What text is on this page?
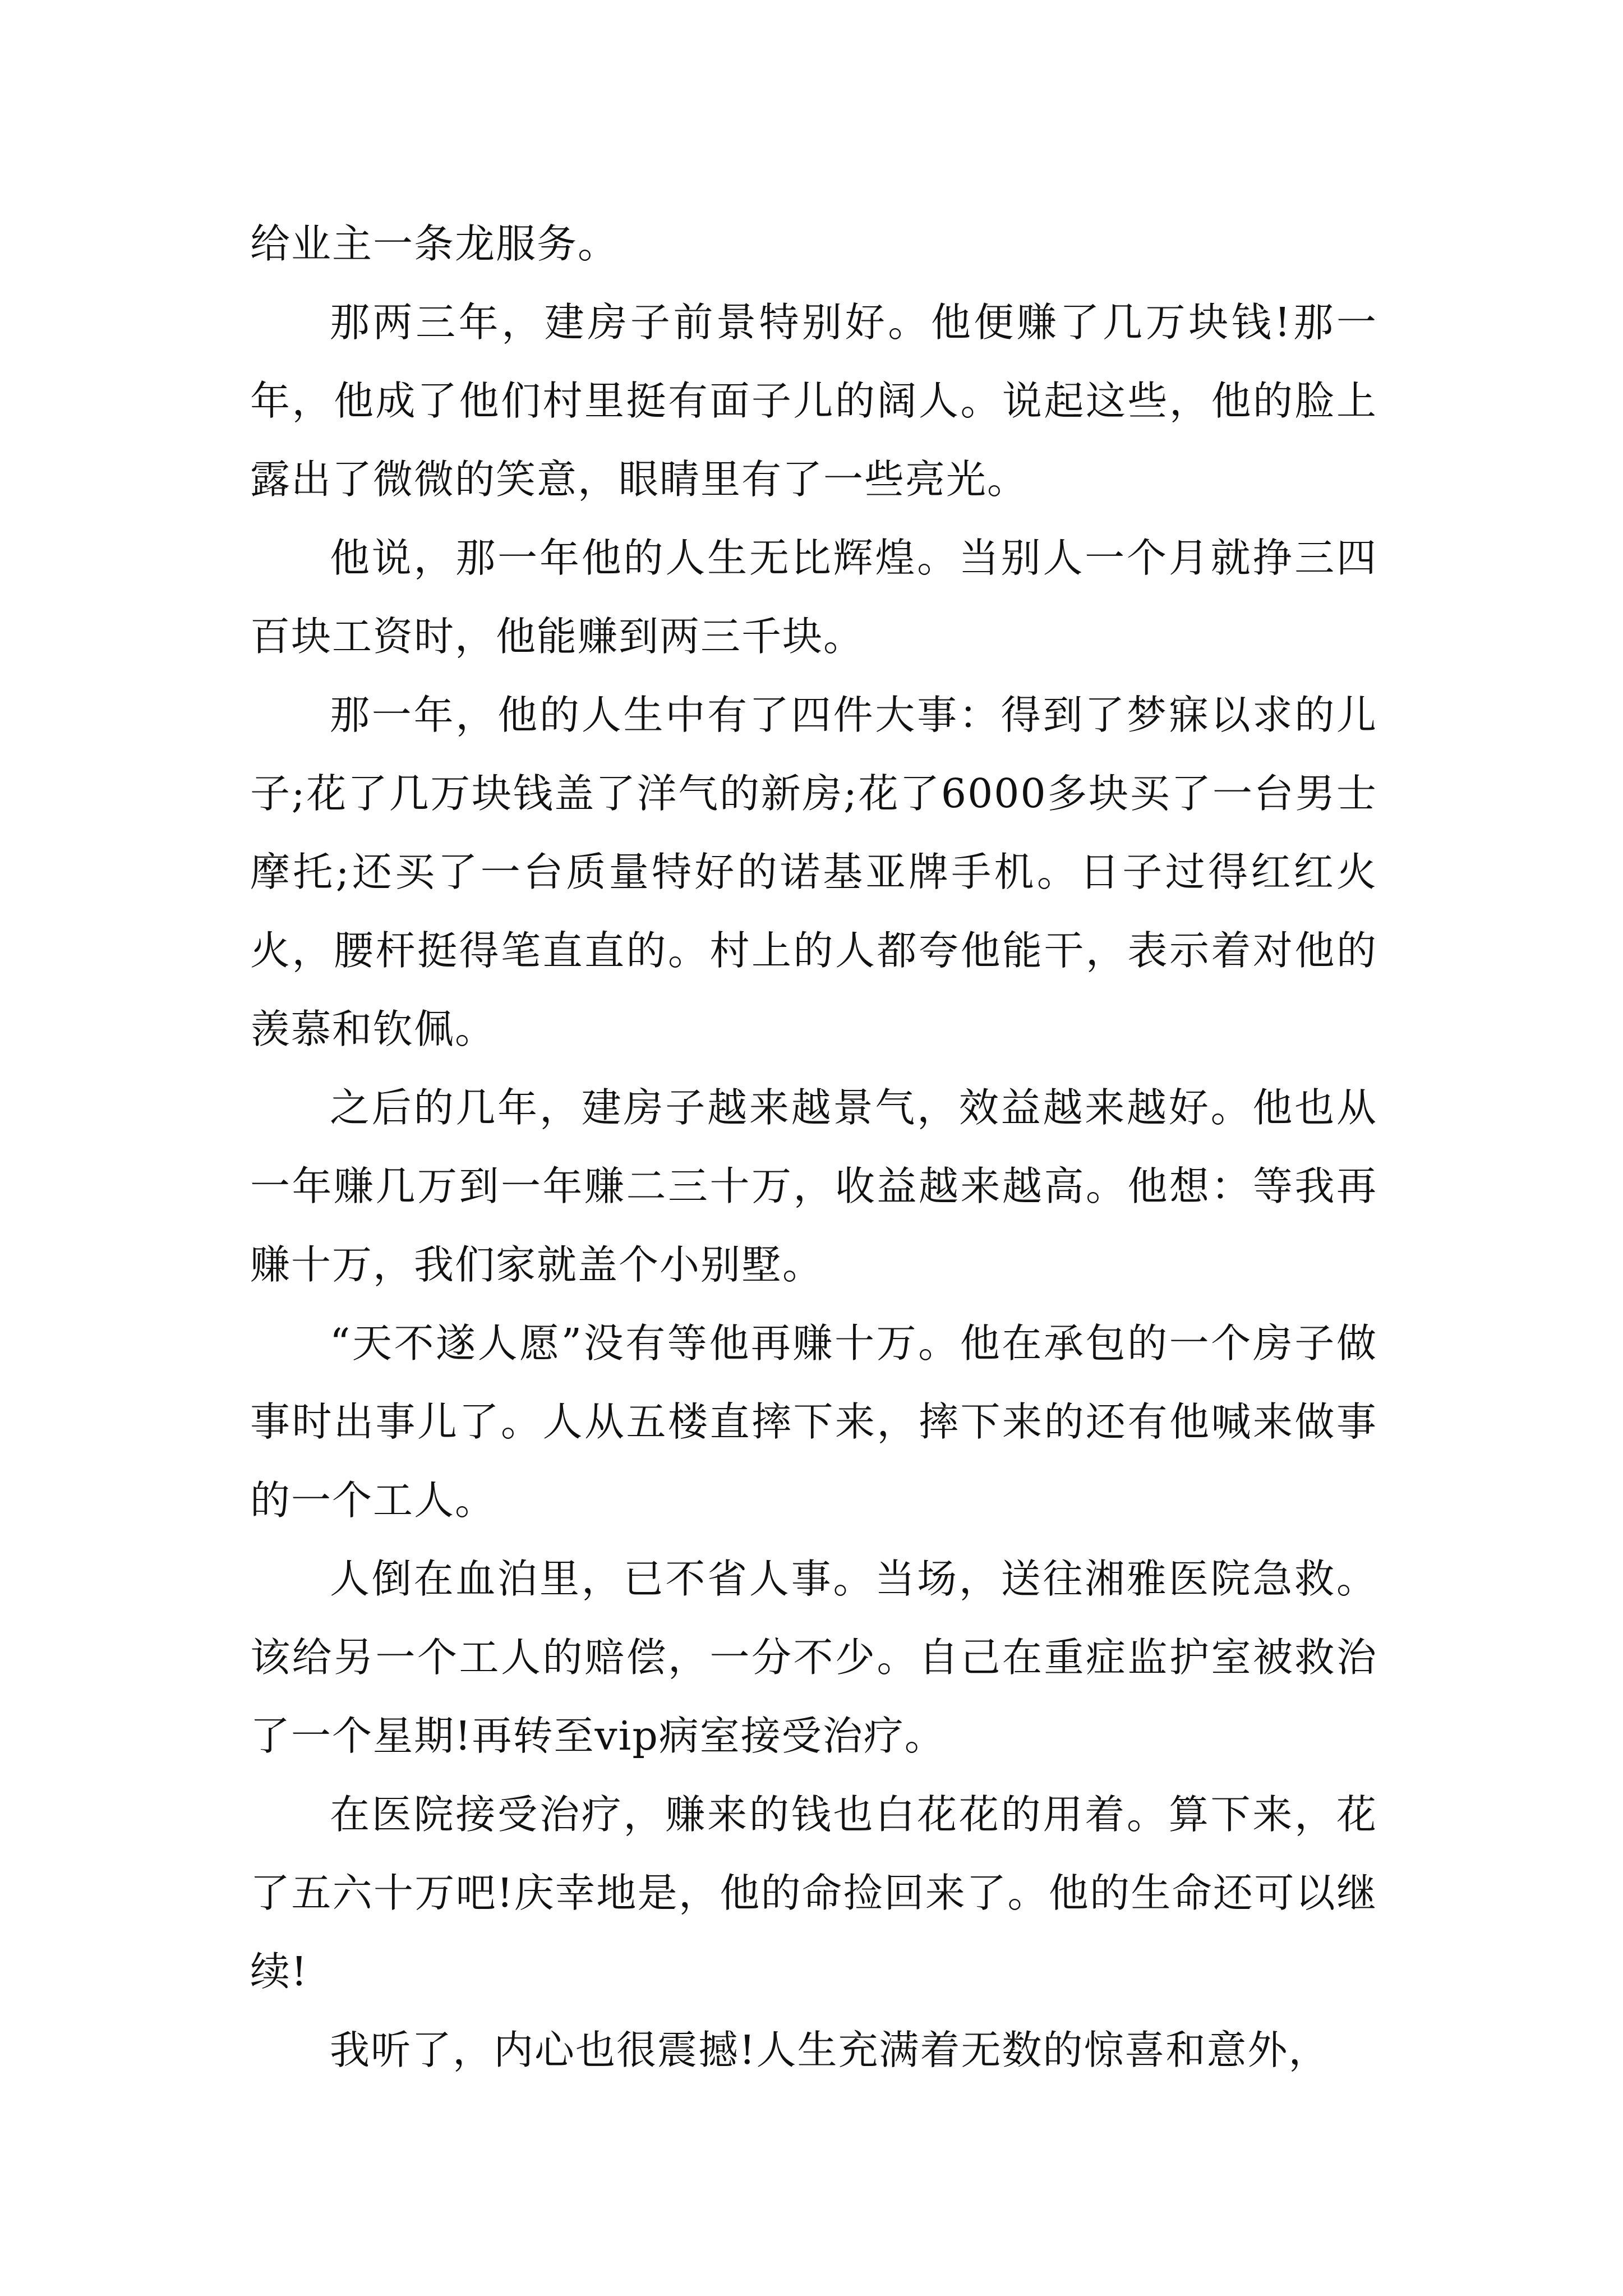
给业主一条龙服务。

那两三年，建房子前景特别好。他便赚了几万块钱!那一年，他成了他们村里挺有面子儿的阔人。说起这些，他的脸上露出了微微的笑意，眼睛里有了一些亮光。

他说，那一年他的人生无比辉煌。当别人一个月就挣三四百块工资时，他能赚到两三千块。

那一年，他的人生中有了四件大事：得到了梦寐以求的儿子;花了几万块钱盖了洋气的新房;花了6000多块买了一台男士摩托;还买了一台质量特好的诺基亚牌手机。日子过得红红火火，腰杆挺得笔直直的。村上的人都夸他能干，表示着对他的羡慕和钦佩。

之后的几年，建房子越来越景气，效益越来越好。他也从一年赚几万到一年赚二三十万，收益越来越高。他想：等我再赚十万，我们家就盖个小别墅。

“天不遂人愿”没有等他再赚十万。他在承包的一个房子做事时出事儿了。人从五楼直摔下来，摔下来的还有他喊来做事的一个工人。

人倒在血泊里，已不省人事。当场，送往湘雅医院急救。该给另一个工人的赔偿，一分不少。自己在重症监护室被救治了一个星期!再转至vip病室接受治疗。

在医院接受治疗，赚来的钱也白花花的用着。算下来，花了五六十万吧!庆幸地是，他的命捡回来了。他的生命还可以继续!

我听了，内心也很震撼!人生充满着无数的惊喜和意外，
